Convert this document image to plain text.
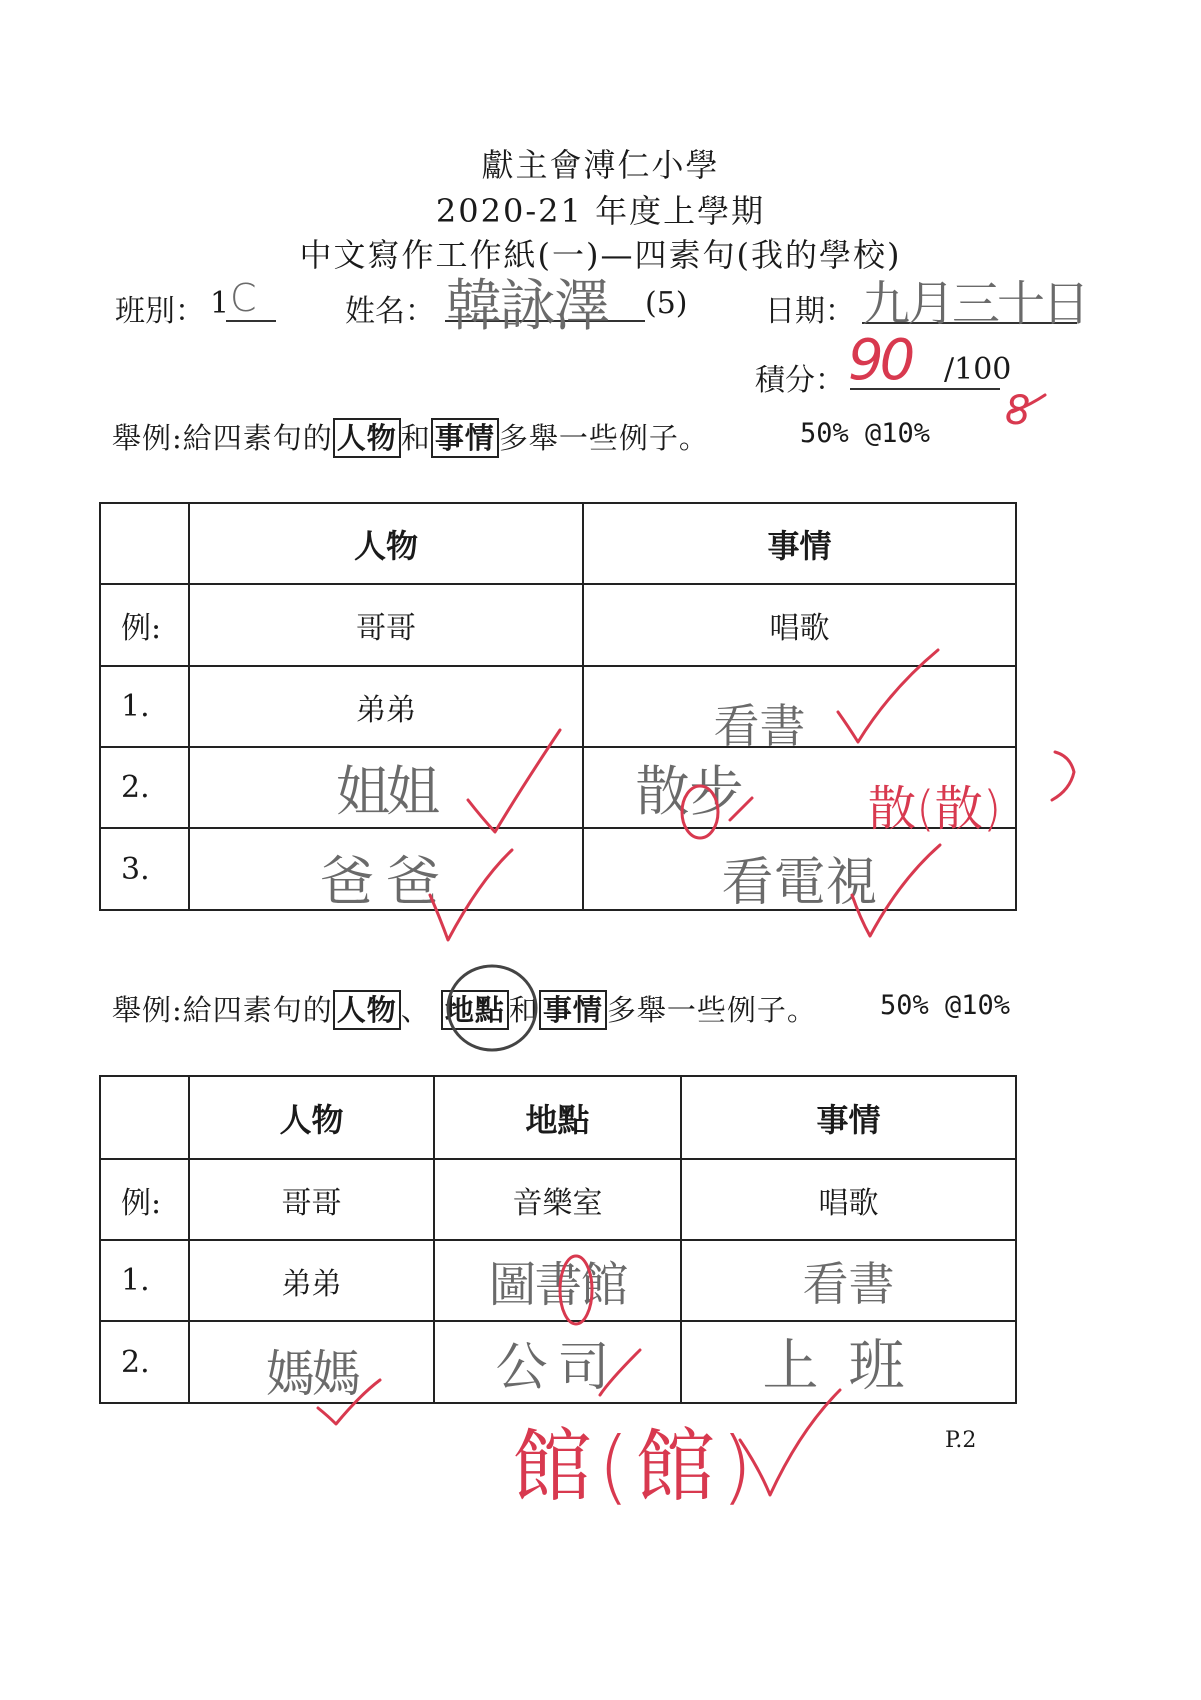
獻主會溥仁小學
2020-21 年度上學期
中文寫作工作紙(一)—四素句(我的學校)
班別： 1 C	姓名： 韓詠澤 (5)	日期： 九月三十日
積分： 90 /100
8
舉例:給四素句的 人物 和 事情 多舉一些例子。	50% @10%
	人物	事情
例:	哥哥	唱歌
1.	弟弟	看書
2.	姐姐	散步
3.	爸爸	看電視
散(散)
舉例:給四素句的 人物 、 地點 和 事情 多舉一些例子。 50% @10%
	人物	地點	事情
例:	哥哥	音樂室	唱歌
1.	弟弟	圖書館	看書
2.	媽媽	公司	上班
館(館)	P.2
